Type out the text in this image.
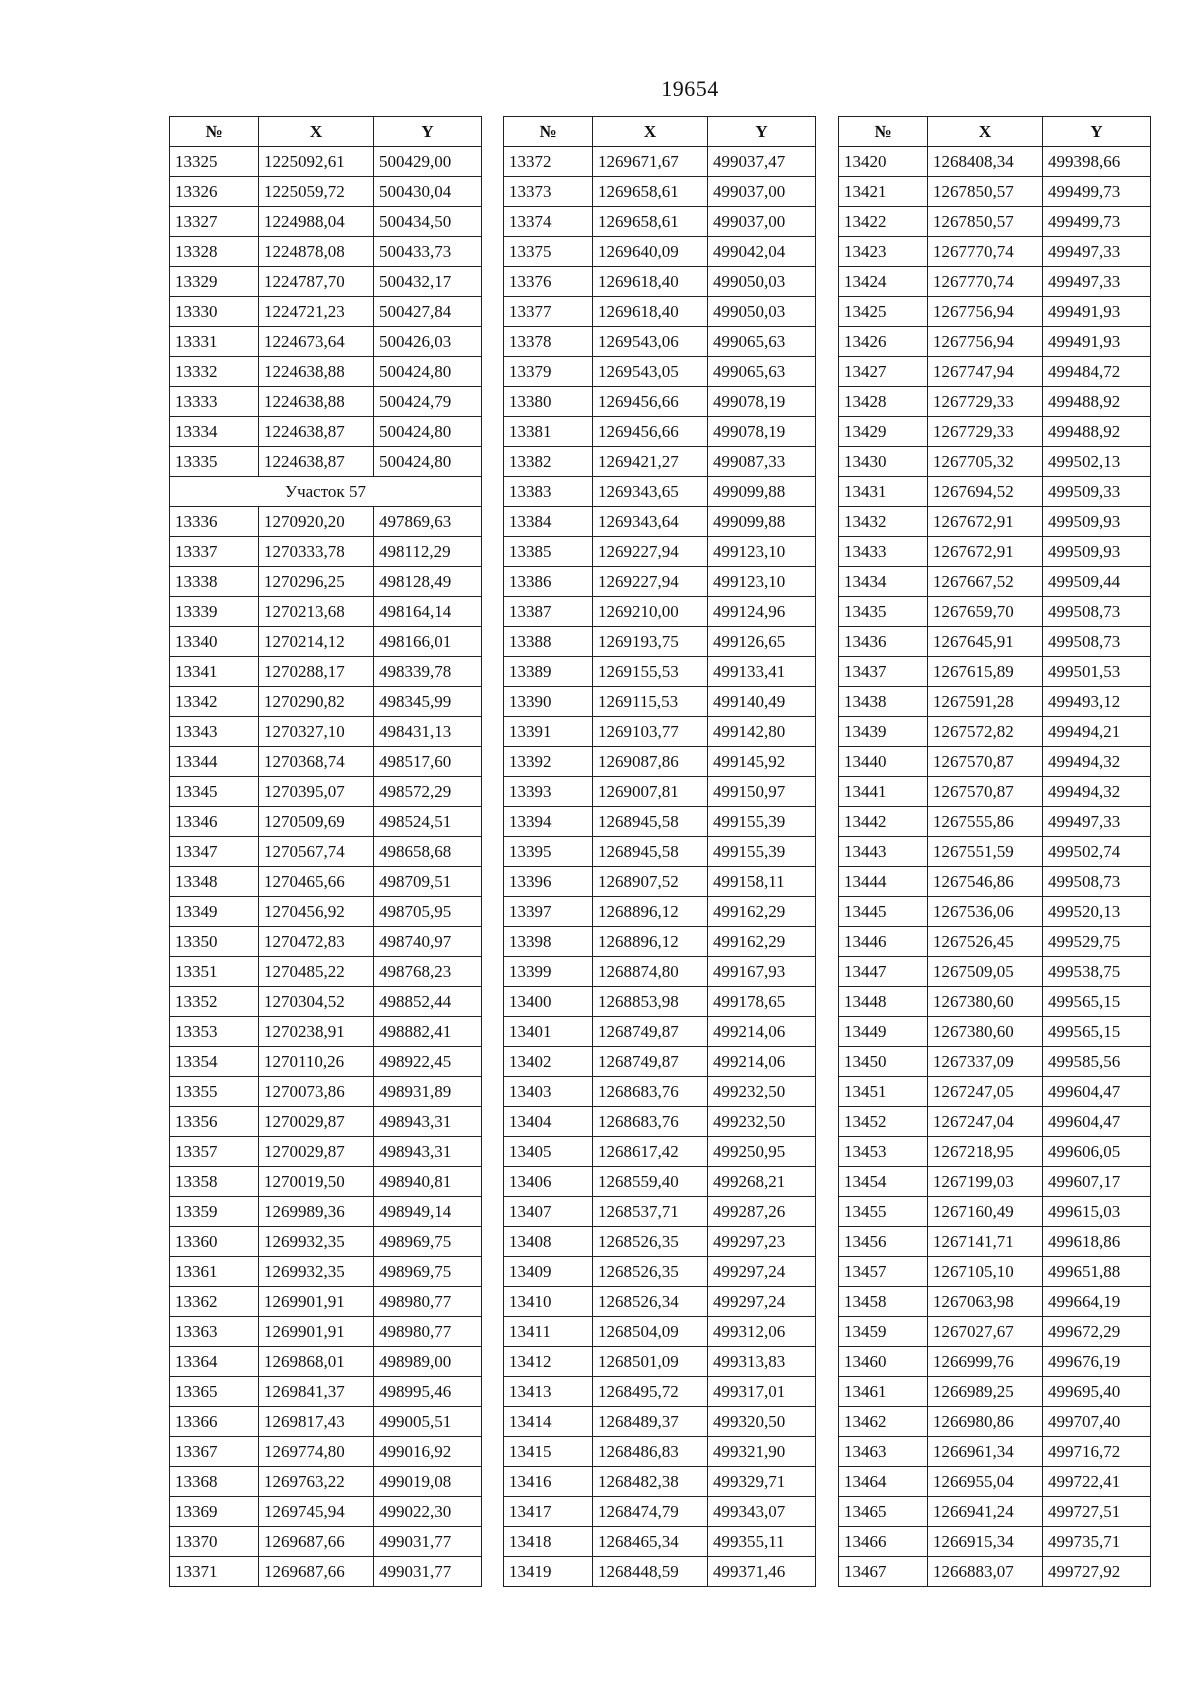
19654
№	X	Y
13325	1225092,61	500429,00
13326	1225059,72	500430,04
13327	1224988,04	500434,50
13328	1224878,08	500433,73
13329	1224787,70	500432,17
13330	1224721,23	500427,84
13331	1224673,64	500426,03
13332	1224638,88	500424,80
13333	1224638,88	500424,79
13334	1224638,87	500424,80
13335	1224638,87	500424,80
Участок 57		
13336	1270920,20	497869,63
13337	1270333,78	498112,29
13338	1270296,25	498128,49
13339	1270213,68	498164,14
13340	1270214,12	498166,01
13341	1270288,17	498339,78
13342	1270290,82	498345,99
13343	1270327,10	498431,13
13344	1270368,74	498517,60
13345	1270395,07	498572,29
13346	1270509,69	498524,51
13347	1270567,74	498658,68
13348	1270465,66	498709,51
13349	1270456,92	498705,95
13350	1270472,83	498740,97
13351	1270485,22	498768,23
13352	1270304,52	498852,44
13353	1270238,91	498882,41
13354	1270110,26	498922,45
13355	1270073,86	498931,89
13356	1270029,87	498943,31
13357	1270029,87	498943,31
13358	1270019,50	498940,81
13359	1269989,36	498949,14
13360	1269932,35	498969,75
13361	1269932,35	498969,75
13362	1269901,91	498980,77
13363	1269901,91	498980,77
13364	1269868,01	498989,00
13365	1269841,37	498995,46
13366	1269817,43	499005,51
13367	1269774,80	499016,92
13368	1269763,22	499019,08
13369	1269745,94	499022,30
13370	1269687,66	499031,77
13371	1269687,66	499031,77
№	X	Y
13372	1269671,67	499037,47
13373	1269658,61	499037,00
13374	1269658,61	499037,00
13375	1269640,09	499042,04
13376	1269618,40	499050,03
13377	1269618,40	499050,03
13378	1269543,06	499065,63
13379	1269543,05	499065,63
13380	1269456,66	499078,19
13381	1269456,66	499078,19
13382	1269421,27	499087,33
13383	1269343,65	499099,88
13384	1269343,64	499099,88
13385	1269227,94	499123,10
13386	1269227,94	499123,10
13387	1269210,00	499124,96
13388	1269193,75	499126,65
13389	1269155,53	499133,41
13390	1269115,53	499140,49
13391	1269103,77	499142,80
13392	1269087,86	499145,92
13393	1269007,81	499150,97
13394	1268945,58	499155,39
13395	1268945,58	499155,39
13396	1268907,52	499158,11
13397	1268896,12	499162,29
13398	1268896,12	499162,29
13399	1268874,80	499167,93
13400	1268853,98	499178,65
13401	1268749,87	499214,06
13402	1268749,87	499214,06
13403	1268683,76	499232,50
13404	1268683,76	499232,50
13405	1268617,42	499250,95
13406	1268559,40	499268,21
13407	1268537,71	499287,26
13408	1268526,35	499297,23
13409	1268526,35	499297,24
13410	1268526,34	499297,24
13411	1268504,09	499312,06
13412	1268501,09	499313,83
13413	1268495,72	499317,01
13414	1268489,37	499320,50
13415	1268486,83	499321,90
13416	1268482,38	499329,71
13417	1268474,79	499343,07
13418	1268465,34	499355,11
13419	1268448,59	499371,46
№	X	Y
13420	1268408,34	499398,66
13421	1267850,57	499499,73
13422	1267850,57	499499,73
13423	1267770,74	499497,33
13424	1267770,74	499497,33
13425	1267756,94	499491,93
13426	1267756,94	499491,93
13427	1267747,94	499484,72
13428	1267729,33	499488,92
13429	1267729,33	499488,92
13430	1267705,32	499502,13
13431	1267694,52	499509,33
13432	1267672,91	499509,93
13433	1267672,91	499509,93
13434	1267667,52	499509,44
13435	1267659,70	499508,73
13436	1267645,91	499508,73
13437	1267615,89	499501,53
13438	1267591,28	499493,12
13439	1267572,82	499494,21
13440	1267570,87	499494,32
13441	1267570,87	499494,32
13442	1267555,86	499497,33
13443	1267551,59	499502,74
13444	1267546,86	499508,73
13445	1267536,06	499520,13
13446	1267526,45	499529,75
13447	1267509,05	499538,75
13448	1267380,60	499565,15
13449	1267380,60	499565,15
13450	1267337,09	499585,56
13451	1267247,05	499604,47
13452	1267247,04	499604,47
13453	1267218,95	499606,05
13454	1267199,03	499607,17
13455	1267160,49	499615,03
13456	1267141,71	499618,86
13457	1267105,10	499651,88
13458	1267063,98	499664,19
13459	1267027,67	499672,29
13460	1266999,76	499676,19
13461	1266989,25	499695,40
13462	1266980,86	499707,40
13463	1266961,34	499716,72
13464	1266955,04	499722,41
13465	1266941,24	499727,51
13466	1266915,34	499735,71
13467	1266883,07	499727,92
